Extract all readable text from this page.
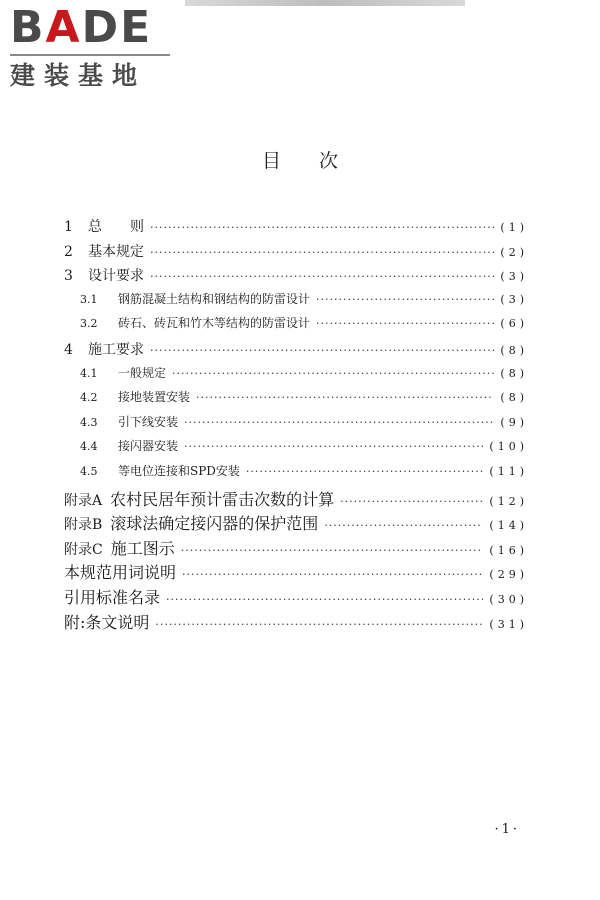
BADE
建装基地
目次
1	总　　则 ·····	(1)
2	基本规定 ·····	(2)
3	设计要求 ·····	(3)
3.1	钢筋混凝土结构和钢结构的防雷设计 ·····	(3)
3.2	砖石、砖瓦和竹木等结构的防雷设计 ·····	(6)
4	施工要求 ·····	(8)
4.1	一般规定 ·····	(8)
4.2	接地装置安装 ·····	(8)
4.3	引下线安装 ·····	(9)
4.4	接闪器安装 ·····	(10)
4.5	等电位连接和SPD安装 ·····	(11)
附录A 农村民居年预计雷击次数的计算 ·····	(12)
附录B 滚球法确定接闪器的保护范围 ·····	(14)
附录C 施工图示 ·····	(16)
本规范用词说明 ·····	(29)
引用标准名录 ·····	(30)
附:条文说明 ·····	(31)
·1·
